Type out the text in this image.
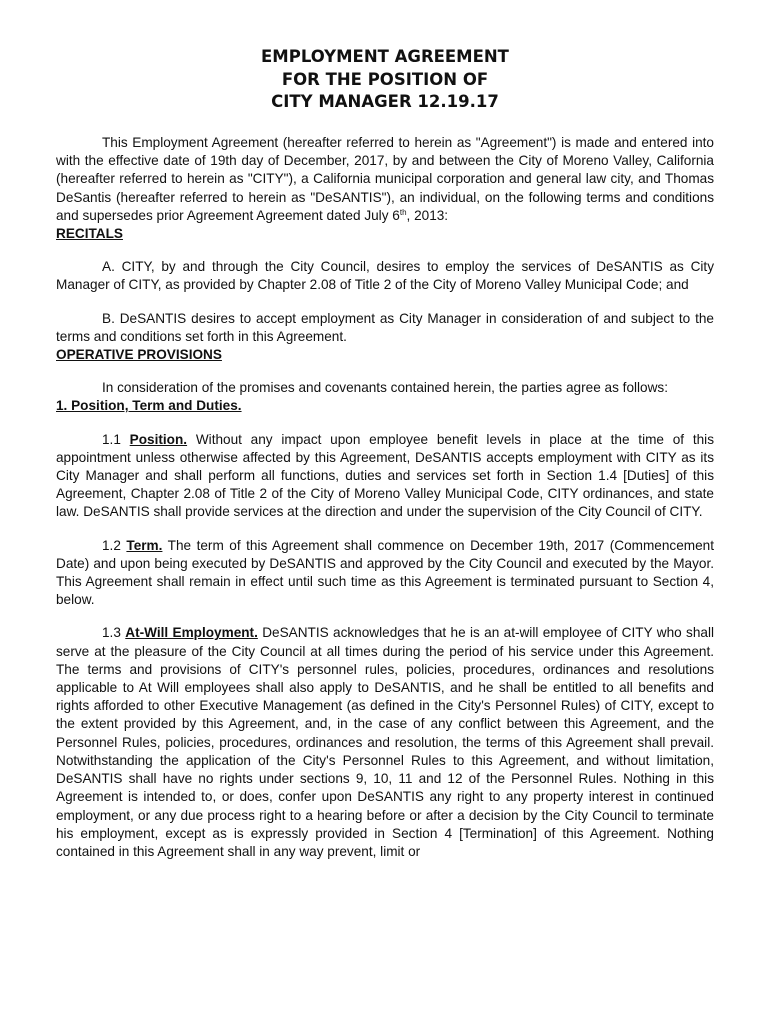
EMPLOYMENT AGREEMENT
FOR THE POSITION OF
CITY MANAGER 12.19.17

This Employment Agreement (hereafter referred to herein as "Agreement") is made and entered into with the effective date of 19th day of December, 2017, by and between the City of Moreno Valley, California (hereafter referred to herein as "CITY"), a California municipal corporation and general law city, and Thomas DeSantis (hereafter referred to herein as "DeSANTIS"), an individual, on the following terms and conditions and supersedes prior Agreement Agreement dated July 6th, 2013:

RECITALS

A. CITY, by and through the City Council, desires to employ the services of DeSANTIS as City Manager of CITY, as provided by Chapter 2.08 of Title 2 of the City of Moreno Valley Municipal Code; and

B. DeSANTIS desires to accept employment as City Manager in consideration of and subject to the terms and conditions set forth in this Agreement.

OPERATIVE PROVISIONS

In consideration of the promises and covenants contained herein, the parties agree as follows:

1. Position, Term and Duties.

1.1 Position. Without any impact upon employee benefit levels in place at the time of this appointment unless otherwise affected by this Agreement, DeSANTIS accepts employment with CITY as its City Manager and shall perform all functions, duties and services set forth in Section 1.4 [Duties] of this Agreement, Chapter 2.08 of Title 2 of the City of Moreno Valley Municipal Code, CITY ordinances, and state law. DeSANTIS shall provide services at the direction and under the supervision of the City Council of CITY.

1.2 Term. The term of this Agreement shall commence on December 19th, 2017 (Commencement Date) and upon being executed by DeSANTIS and approved by the City Council and executed by the Mayor. This Agreement shall remain in effect until such time as this Agreement is terminated pursuant to Section 4, below.

1.3 At-Will Employment. DeSANTIS acknowledges that he is an at-will employee of CITY who shall serve at the pleasure of the City Council at all times during the period of his service under this Agreement. The terms and provisions of CITY's personnel rules, policies, procedures, ordinances and resolutions applicable to At Will employees shall also apply to DeSANTIS, and he shall be entitled to all benefits and rights afforded to other Executive Management (as defined in the City's Personnel Rules) of CITY, except to the extent provided by this Agreement, and, in the case of any conflict between this Agreement, and the Personnel Rules, policies, procedures, ordinances and resolution, the terms of this Agreement shall prevail. Notwithstanding the application of the City's Personnel Rules to this Agreement, and without limitation, DeSANTIS shall have no rights under sections 9, 10, 11 and 12 of the Personnel Rules. Nothing in this Agreement is intended to, or does, confer upon DeSANTIS any right to any property interest in continued employment, or any due process right to a hearing before or after a decision by the City Council to terminate his employment, except as is expressly provided in Section 4 [Termination] of this Agreement. Nothing contained in this Agreement shall in any way prevent, limit or
